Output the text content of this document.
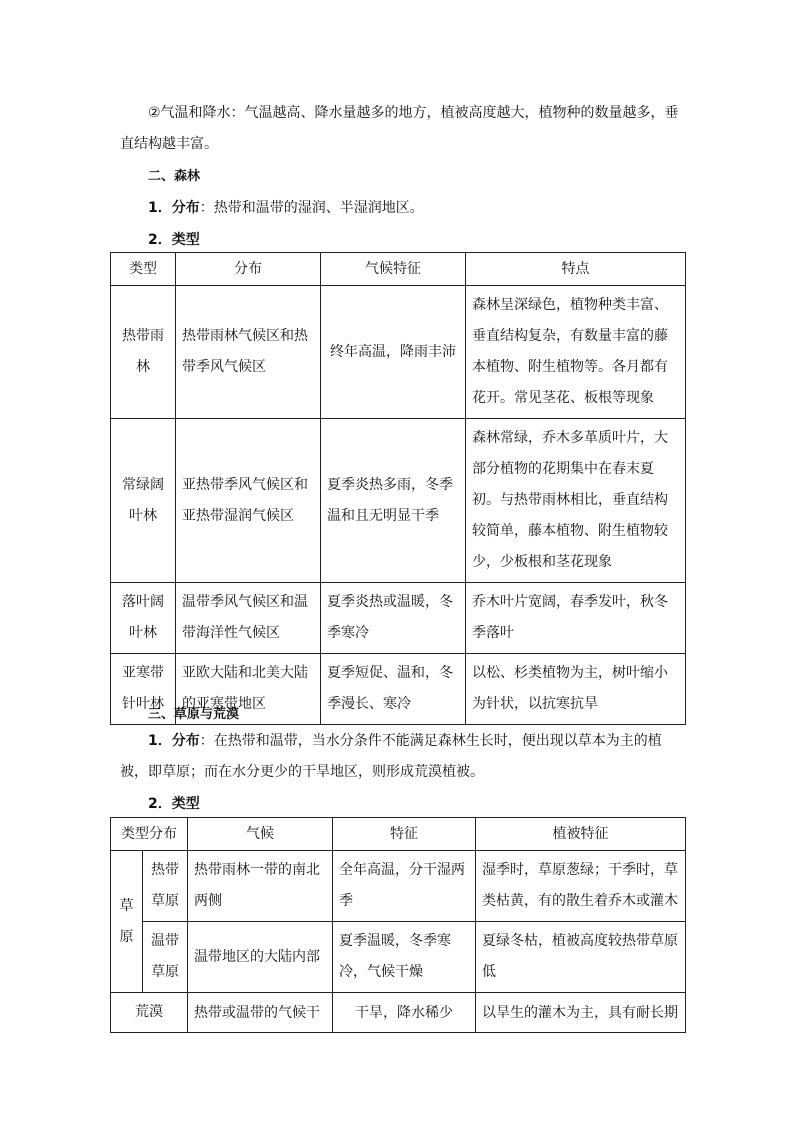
②气温和降水：气温越高、降水量越多的地方，植被高度越大，植物种的数量越多，垂直结构越丰富。

二、森林

1．分布：热带和温带的湿润、半湿润地区。

2．类型

类型	分布	气候特征	特点
热带雨林	热带雨林气候区和热带季风气候区	终年高温，降雨丰沛	森林呈深绿色，植物种类丰富、垂直结构复杂，有数量丰富的藤本植物、附生植物等。各月都有花开。常见茎花、板根等现象
常绿阔叶林	亚热带季风气候区和亚热带湿润气候区	夏季炎热多雨，冬季温和且无明显干季	森林常绿，乔木多革质叶片，大部分植物的花期集中在春末夏初。与热带雨林相比，垂直结构较简单，藤本植物、附生植物较少，少板根和茎花现象
落叶阔叶林	温带季风气候区和温带海洋性气候区	夏季炎热或温暖，冬季寒冷	乔木叶片宽阔，春季发叶，秋冬季落叶
亚寒带针叶林	亚欧大陆和北美大陆的亚寒带地区	夏季短促、温和，冬季漫长、寒冷	以松、杉类植物为主，树叶缩小为针状，以抗寒抗旱

三、草原与荒漠

1．分布：在热带和温带，当水分条件不能满足森林生长时，便出现以草本为主的植被，即草原；而在水分更少的干旱地区，则形成荒漠植被。

2．类型

类型分布		气候	特征	植被特征
草原	热带草原	热带雨林一带的南北两侧	全年高温，分干湿两季	湿季时，草原葱绿；干季时，草类枯黄，有的散生着乔木或灌木
	温带草原	温带地区的大陆内部	夏季温暖，冬季寒冷，气候干燥	夏绿冬枯，植被高度较热带草原低
荒漠		热带或温带的气候干	干旱，降水稀少	以旱生的灌木为主，具有耐长期
